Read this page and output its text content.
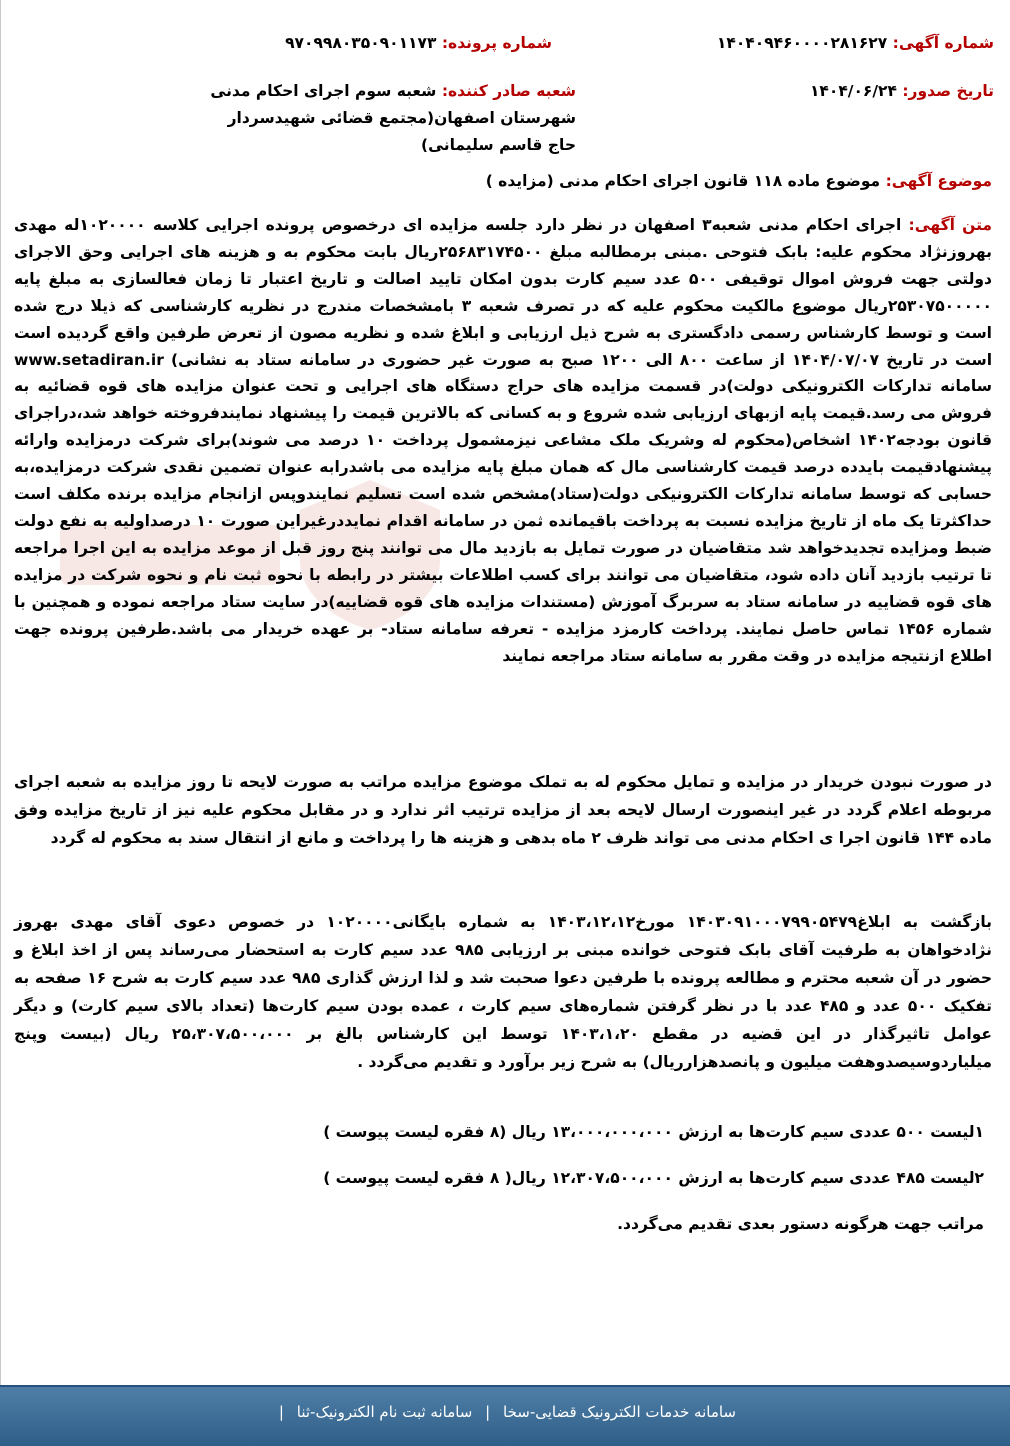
شماره آگهی: ۱۴۰۴۰۹۴۶۰۰۰۰۲۸۱۶۲۷
شماره پرونده: ۹۷۰۹۹۸۰۳۵۰۹۰۱۱۷۳
تاریخ صدور: ۱۴۰۴/۰۶/۲۴
شعبه صادر کننده: شعبه سوم اجرای احکام مدنی شهرستان اصفهان(مجتمع قضائی شهیدسردار حاج قاسم سلیمانی)
موضوع آگهی: موضوع ماده ۱۱۸ قانون اجرای احکام مدنی (مزایده )
متن آگهی: اجرای احکام مدنی شعبه۳ اصفهان در نظر دارد جلسه مزایده ای درخصوص پرونده اجرایی کلاسه ۱۰۲۰۰۰۰له مهدی بهروزنژاد محکوم علیه: بابک فتوحی .مبنی برمطالبه مبلغ ۲۵۶۸۳۱۷۴۵۰۰ریال بابت محکوم به و هزینه های اجرایی وحق الاجرای دولتی جهت فروش اموال توقیفی ۵۰۰ عدد سیم کارت بدون امکان تایید اصالت و تاریخ اعتبار تا زمان فعالسازی به مبلغ پایه ۲۵۳۰۷۵۰۰۰۰۰ریال موضوع مالکیت محکوم علیه که در تصرف شعبه ۳ بامشخصات مندرج در نظریه کارشناسی که ذیلا درج شده است و توسط کارشناس رسمی دادگستری به شرح ذیل ارزیابی و ابلاغ شده و نظریه مصون از تعرض طرفین واقع گردیده است است در تاریخ ۱۴۰۴/۰۷/۰۷ از ساعت ۸۰۰ الی ۱۲۰۰ صبح به صورت غیر حضوری در سامانه ستاد به نشانی) www.setadiran.ir سامانه تدارکات الکترونیکی دولت)در قسمت مزایده های حراج دستگاه های اجرایی و تحت عنوان مزایده های قوه قضائیه به فروش می رسد.قیمت پایه ازبهای ارزیابی شده شروع و به کسانی که بالاترین قیمت را پیشنهاد نمایندفروخته خواهد شد،دراجرای قانون بودجه۱۴۰۲ اشخاص(محکوم له وشریک ملک مشاعی نیزمشمول پرداخت ۱۰ درصد می شوند)برای شرکت درمزایده وارائه پیشنهادقیمت بایدده درصد قیمت کارشناسی مال که همان مبلغ پایه مزایده می باشدرابه عنوان تضمین نقدی شرکت درمزایده،به حسابی که توسط سامانه تدارکات الکترونیکی دولت(ستاد)مشخص شده است تسلیم نمایندوپس ازانجام مزایده برنده مکلف است حداکثرتا یک ماه از تاریخ مزایده نسبت به پرداخت باقیمانده ثمن در سامانه اقدام نمایددرغیراین صورت ۱۰ درصداولیه به نفع دولت ضبط ومزایده تجدیدخواهد شد متقاضیان در صورت تمایل به بازدید مال می توانند پنج روز قبل از موعد مزایده به این اجرا مراجعه تا ترتیب بازدید آنان داده شود، متقاضیان می توانند برای کسب اطلاعات بیشتر در رابطه با نحوه ثبت نام و نحوه شرکت در مزایده های قوه قضاییه در سامانه ستاد به سربرگ آموزش (مستندات مزایده های قوه قضاییه)در سایت ستاد مراجعه نموده و همچنین با شماره ۱۴۵۶ تماس حاصل نمایند. پرداخت کارمزد مزایده - تعرفه سامانه ستاد- بر عهده خریدار می باشد.طرفین پرونده جهت اطلاع ازنتیجه مزایده در وقت مقرر به سامانه ستاد مراجعه نمایند
در صورت نبودن خریدار در مزایده و تمایل محکوم له به تملک موضوع مزایده مراتب به صورت لایحه تا روز مزایده به شعبه اجرای مربوطه اعلام گردد در غیر اینصورت ارسال لایحه بعد از مزایده ترتیب اثر ندارد و در مقابل محکوم علیه نیز از تاریخ مزایده وفق ماده ۱۴۴ قانون اجرا ی احکام مدنی می تواند ظرف ۲ ماه بدهی و هزینه ها را پرداخت و مانع از انتقال سند به محکوم له گردد
بازگشت به ابلاغ۱۴۰۳۰۹۱۰۰۰۷۹۹۰۵۴۷۹ مورخ۱۴۰۳،۱۲،۱۲ به شماره بایگانی۱۰۲۰۰۰۰ در خصوص دعوی آقای مهدی بهروز نژادخواهان به طرفیت آقای بابک فتوحی خوانده مبنی بر ارزیابی ۹۸۵ عدد سیم کارت به استحضار می‌رساند پس از اخذ ابلاغ و حضور در آن شعبه محترم و مطالعه پرونده با طرفین دعوا صحبت شد و لذا ارزش گذاری ۹۸۵ عدد سیم کارت به شرح ۱۶ صفحه به تفکیک ۵۰۰ عدد و ۴۸۵ عدد با در نظر گرفتن شماره‌های سیم کارت ، عمده بودن سیم کارت‌ها (تعداد بالای سیم کارت) و دیگر عوامل تاثیرگذار در این قضیه در مقطع ۱۴۰۳،۱،۲۰ توسط این کارشناس بالغ بر ۲۵،۳۰۷،۵۰۰،۰۰۰ ریال (بیست وپنج میلیاردوسیصدوهفت میلیون و پانصدهزارریال) به شرح زیر برآورد و تقدیم می‌گردد .
۱لیست ۵۰۰ عددی سیم کارت‌ها به ارزش ۱۳،۰۰۰،۰۰۰،۰۰۰ ریال (۸ فقره لیست پیوست )
۲لیست ۴۸۵ عددی سیم کارت‌ها به ارزش ۱۲،۳۰۷،۵۰۰،۰۰۰ ریال( ۸ فقره لیست پیوست )
مراتب جهت هرگونه دستور بعدی تقدیم می‌گردد.
سامانه خدمات الکترونیک قضایی-سخا | سامانه ثبت نام الکترونیک-ثنا |
